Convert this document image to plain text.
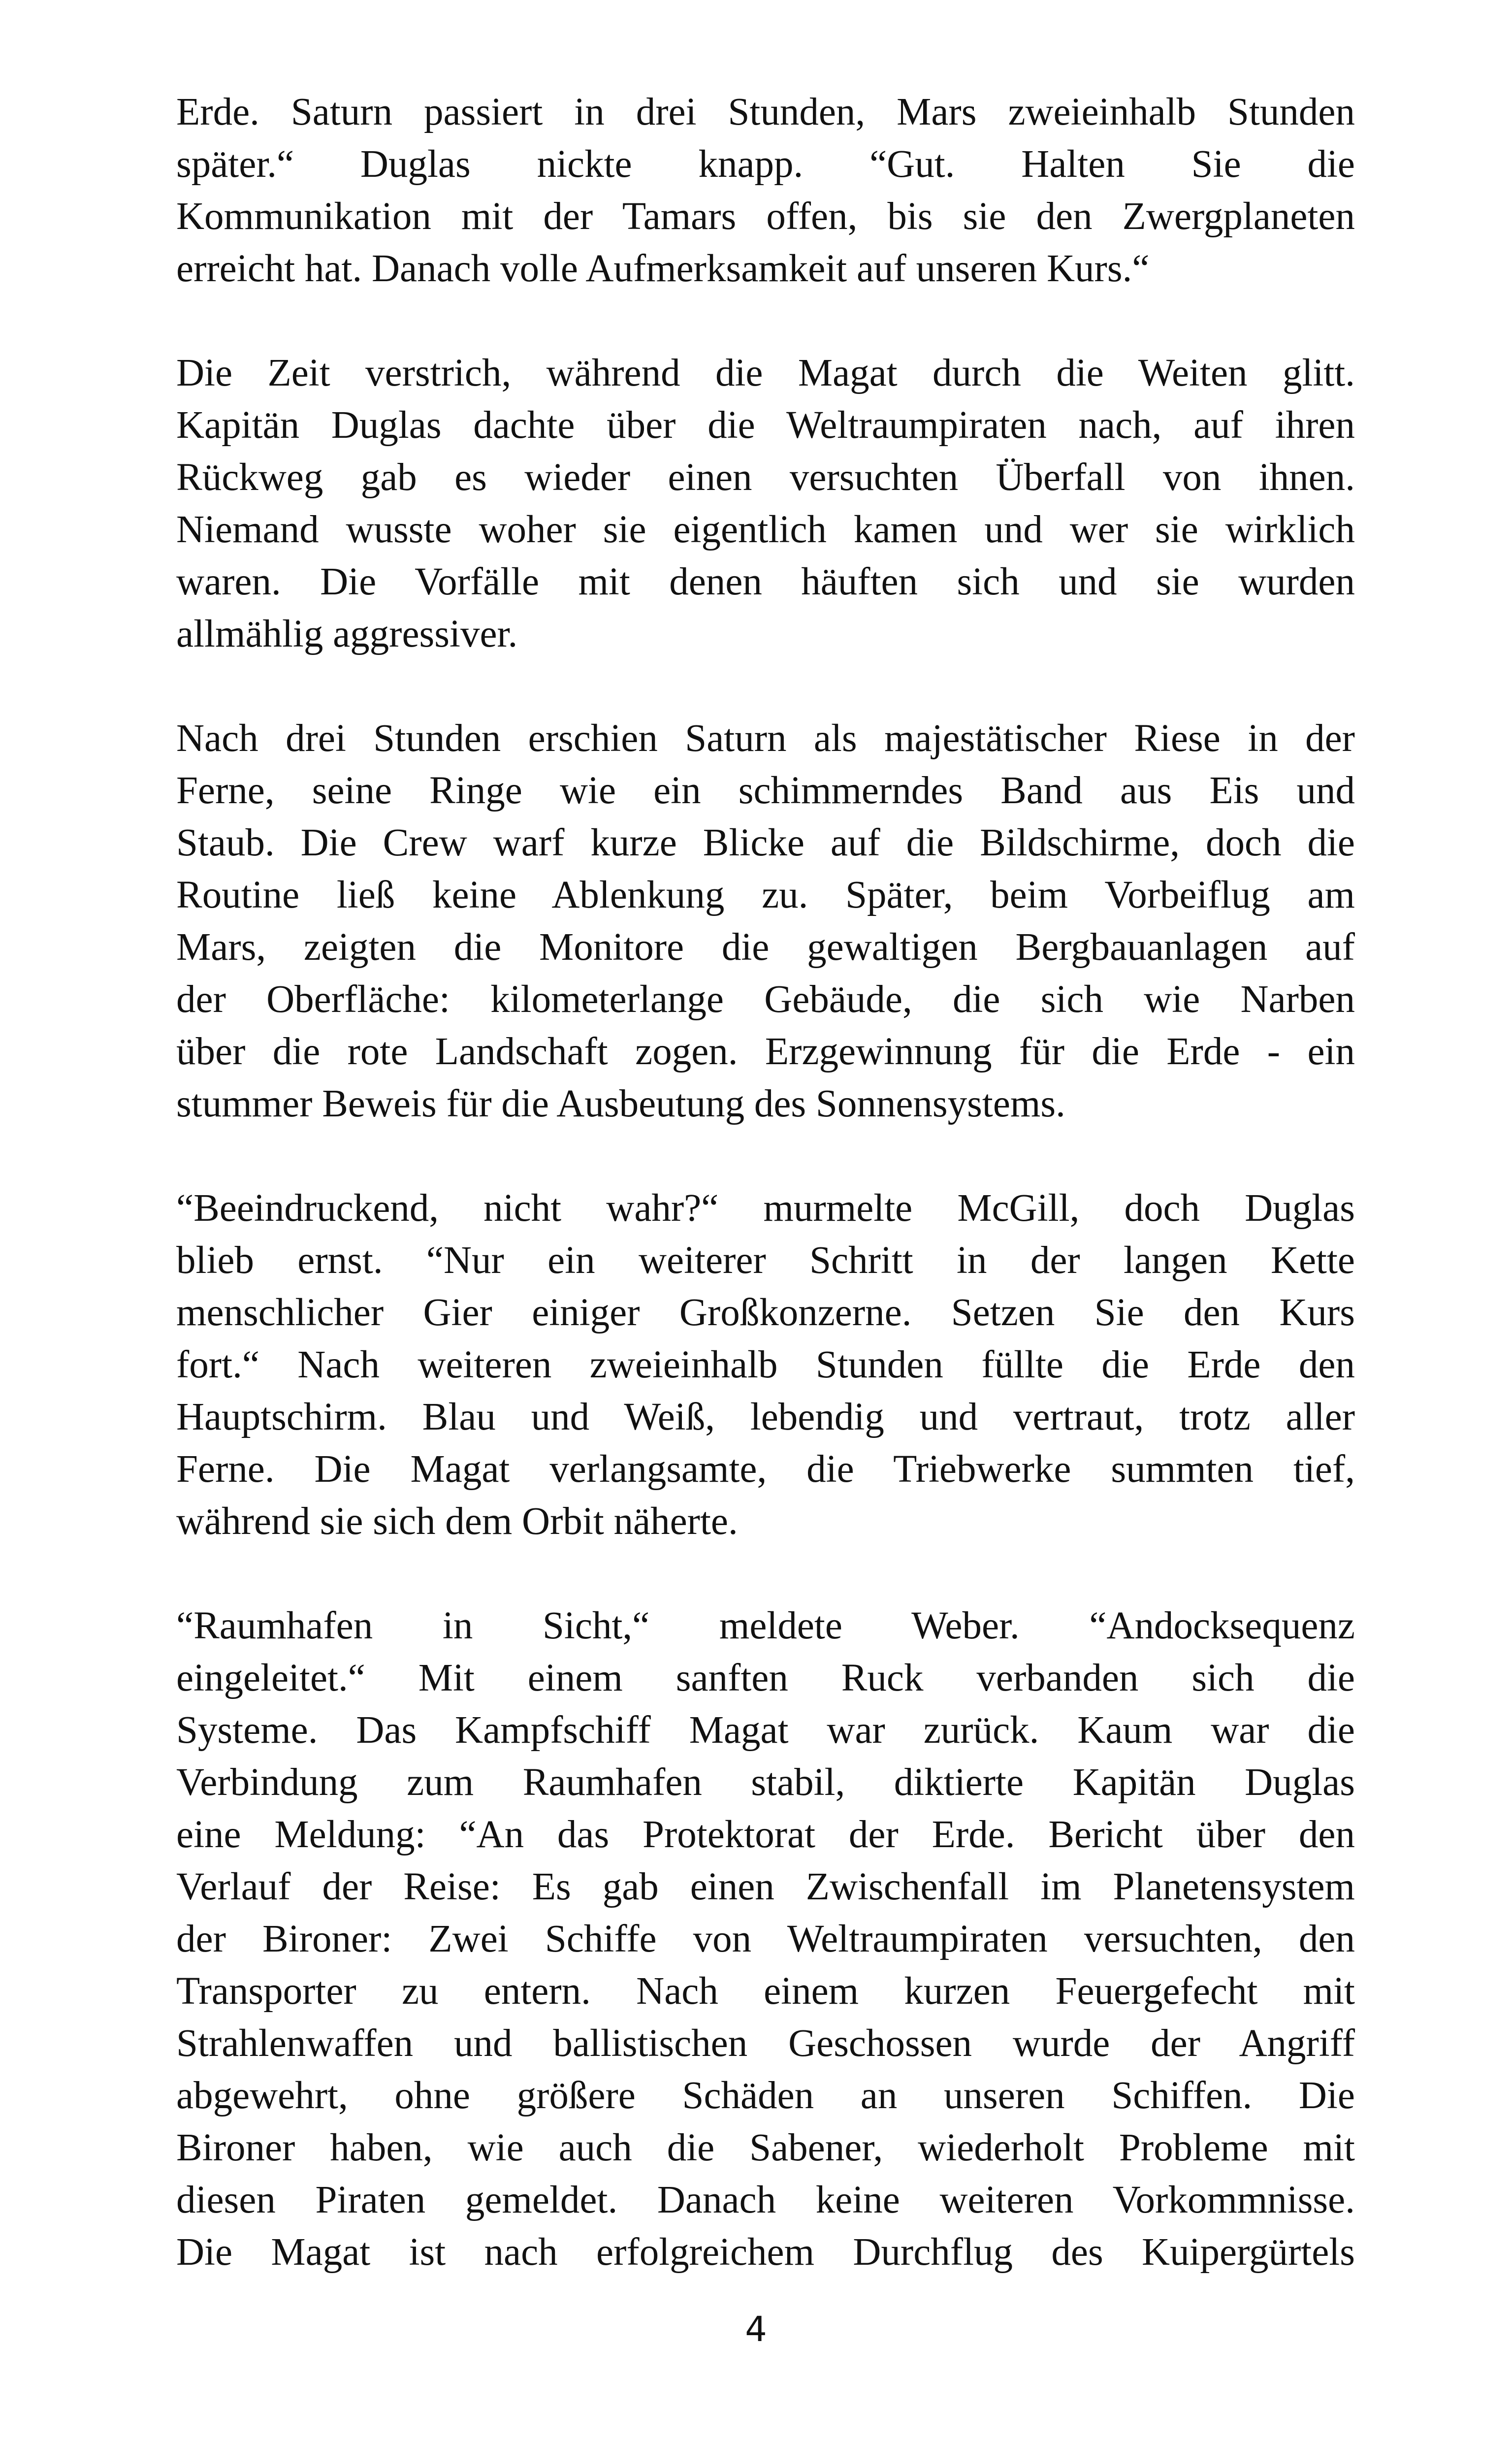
Erde. Saturn passiert in drei Stunden, Mars zweieinhalb Stunden
später.“ Duglas nickte knapp. “Gut. Halten Sie die
Kommunikation mit der Tamars offen, bis sie den Zwergplaneten
erreicht hat. Danach volle Aufmerksamkeit auf unseren Kurs.“

Die Zeit verstrich, während die Magat durch die Weiten glitt.
Kapitän Duglas dachte über die Weltraumpiraten nach, auf ihren
Rückweg gab es wieder einen versuchten Überfall von ihnen.
Niemand wusste woher sie eigentlich kamen und wer sie wirklich
waren. Die Vorfälle mit denen häuften sich und sie wurden
allmählig aggressiver.

Nach drei Stunden erschien Saturn als majestätischer Riese in der
Ferne, seine Ringe wie ein schimmerndes Band aus Eis und
Staub. Die Crew warf kurze Blicke auf die Bildschirme, doch die
Routine ließ keine Ablenkung zu. Später, beim Vorbeiflug am
Mars, zeigten die Monitore die gewaltigen Bergbauanlagen auf
der Oberfläche: kilometerlange Gebäude, die sich wie Narben
über die rote Landschaft zogen. Erzgewinnung für die Erde - ein
stummer Beweis für die Ausbeutung des Sonnensystems.

“Beeindruckend, nicht wahr?“ murmelte McGill, doch Duglas
blieb ernst. “Nur ein weiterer Schritt in der langen Kette
menschlicher Gier einiger Großkonzerne. Setzen Sie den Kurs
fort.“ Nach weiteren zweieinhalb Stunden füllte die Erde den
Hauptschirm. Blau und Weiß, lebendig und vertraut, trotz aller
Ferne. Die Magat verlangsamte, die Triebwerke summten tief,
während sie sich dem Orbit näherte.

“Raumhafen in Sicht,“ meldete Weber. “Andocksequenz
eingeleitet.“ Mit einem sanften Ruck verbanden sich die
Systeme. Das Kampfschiff Magat war zurück. Kaum war die
Verbindung zum Raumhafen stabil, diktierte Kapitän Duglas
eine Meldung: “An das Protektorat der Erde. Bericht über den
Verlauf der Reise: Es gab einen Zwischenfall im Planetensystem
der Bironer: Zwei Schiffe von Weltraumpiraten versuchten, den
Transporter zu entern. Nach einem kurzen Feuergefecht mit
Strahlenwaffen und ballistischen Geschossen wurde der Angriff
abgewehrt, ohne größere Schäden an unseren Schiffen. Die
Bironer haben, wie auch die Sabener, wiederholt Probleme mit
diesen Piraten gemeldet. Danach keine weiteren Vorkommnisse.
Die Magat ist nach erfolgreichem Durchflug des Kuipergürtels

4
